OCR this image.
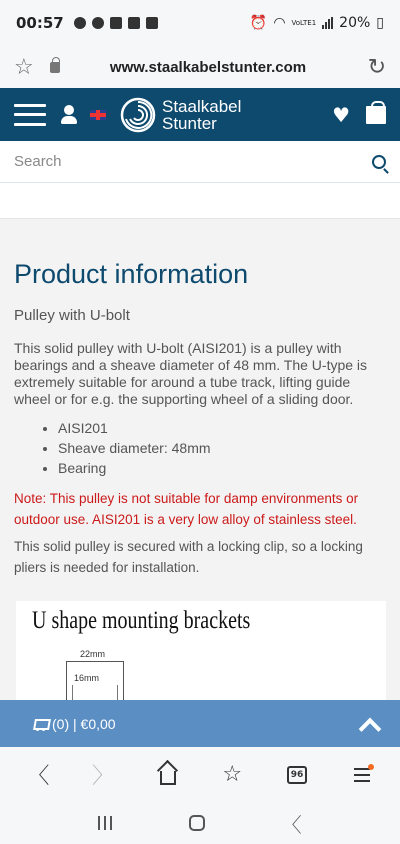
00:57	⏰ ◠ VoLTE1 20% ▯
☆	www.staalkabelstunter.com	↻
Staalkabel
Stunter	♥
Search
Product information

Pulley with U-bolt

This solid pulley with U-bolt (AISI201) is a pulley with bearings and a sheave diameter of 48 mm. The U-type is extremely suitable for around a tube track, lifting guide wheel or for e.g. the supporting wheel of a sliding door.

• AISI201
• Sheave diameter: 48mm
• Bearing

Note: This pulley is not suitable for damp environments or outdoor use. AISI201 is a very low alloy of stainless steel.

This solid pulley is secured with a locking clip, so a locking pliers is needed for installation.

U shape mounting brackets
22mm
16mm
(0) | €0,00
〈	〉	☆	96
〈
